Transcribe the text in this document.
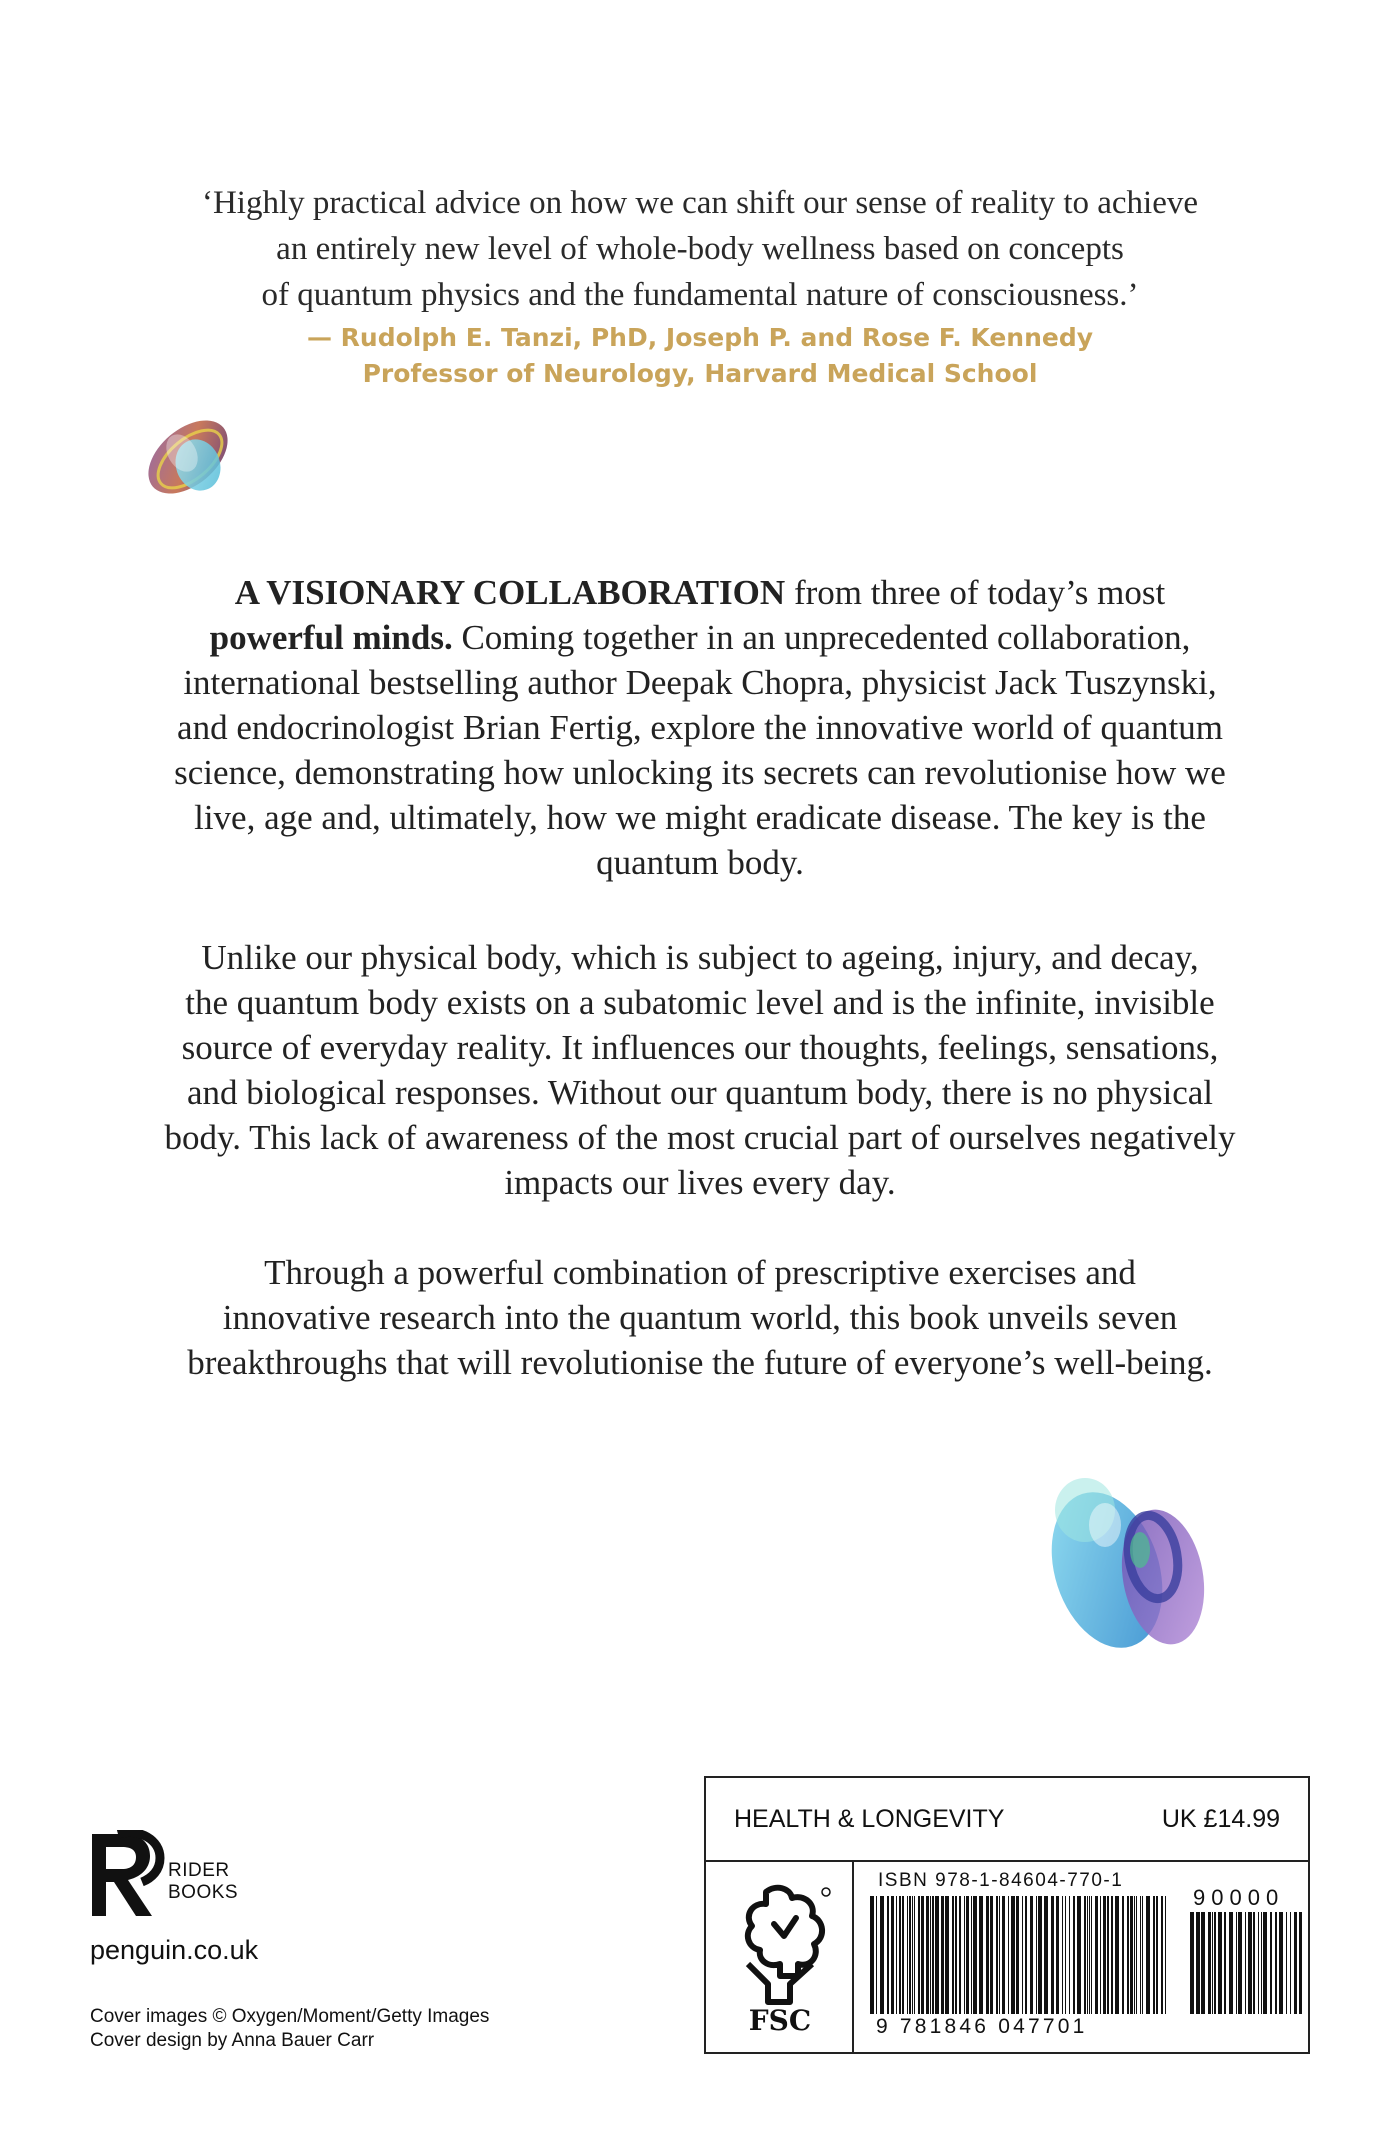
‘Highly practical advice on how we can shift our sense of reality to achieve
an entirely new level of whole-body wellness based on concepts
of quantum physics and the fundamental nature of consciousness.’
— Rudolph E. Tanzi, PhD, Joseph P. and Rose F. Kennedy
Professor of Neurology, Harvard Medical School
A VISIONARY COLLABORATION from three of today’s most
powerful minds. Coming together in an unprecedented collaboration,
international bestselling author Deepak Chopra, physicist Jack Tuszynski,
and endocrinologist Brian Fertig, explore the innovative world of quantum
science, demonstrating how unlocking its secrets can revolutionise how we
live, age and, ultimately, how we might eradicate disease. The key is the
quantum body.
Unlike our physical body, which is subject to ageing, injury, and decay,
the quantum body exists on a subatomic level and is the infinite, invisible
source of everyday reality. It influences our thoughts, feelings, sensations,
and biological responses. Without our quantum body, there is no physical
body. This lack of awareness of the most crucial part of ourselves negatively
impacts our lives every day.
Through a powerful combination of prescriptive exercises and
innovative research into the quantum world, this book unveils seven
breakthroughs that will revolutionise the future of everyone’s well-being.
RIDER
BOOKS
penguin.co.uk
Cover images © Oxygen/Moment/Getty Images
Cover design by Anna Bauer Carr
HEALTH & LONGEVITY	UK £14.99
FSC
ISBN 978-1-84604-770-1
90000
9 781846 047701
